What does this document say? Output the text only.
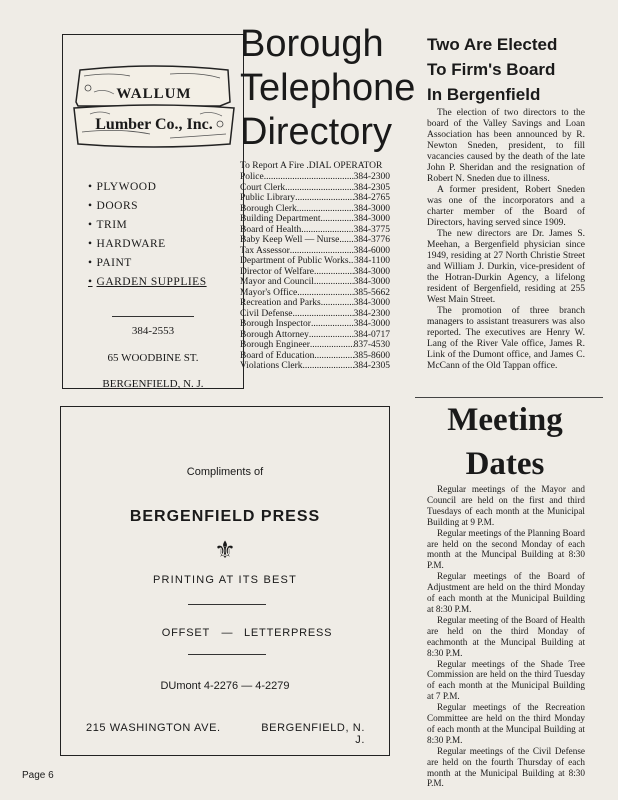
WALLUM
Lumber Co., Inc.
• PLYWOOD
• DOORS
• TRIM
• HARDWARE
• PAINT
• GARDEN SUPPLIES
384-2553
65 WOODBINE ST.
BERGENFIELD, N. J.
Borough
Telephone
Directory
To Report A Fire .DIAL OPERATOR
Police .....	384-2300
Court Clerk .....	384-2305
Public Library .....	384-2765
Borough Clerk .....	384-3000
Building Department .....	384-3000
Board of Health .....	384-3775
Baby Keep Well — Nurse ..... 384-3776
Tax Assessor .....	384-6000
Department of Public Works ..... 384-1100
Director of Welfare .....	384-3000
Mayor and Council .....	384-3000
Mayor's Office .....	385-5662
Recreation and Parks .....	384-3000
Civil Defense .....	384-2300
Borough Inspector .....	384-3000
Borough Attorney .....	384-0717
Borough Engineer .....	837-4530
Board of Education .....	385-8600
Violations Clerk .....	384-2305
Two Are Elected
To Firm's Board
In Bergenfield

The election of two directors to the board of the Valley Savings and Loan Association has been announced by R. Newton Sneden, president, to fill vacancies caused by the death of the late John P. Sheridan and the resignation of Robert N. Sneden due to illness.

A former president, Robert Sneden was one of the incorporators and a charter member of the Board of Directors, having served since 1909.

The new directors are Dr. James S. Meehan, a Bergenfield physician since 1949, residing at 27 North Christie Street and William J. Durkin, vice-president of the Hotran-Durkin Agency, a lifelong resident of Bergenfield, residing at 255 West Main Street.

The promotion of three branch managers to assistant treasurers was also reported. The executives are Henry W. Lang of the River Vale office, James R. Link of the Dumont office, and James C. McCann of the Old Tappan office.

Meeting
Dates

Regular meetings of the Mayor and Council are held on the first and third Tuesdays of each month at the Municipal Building at 9 P.M.

Regular meetings of the Planning Board are held on the second Monday of each month at the Muncipal Building at 8:30 P.M.

Regular meetings of the Board of Adjustment are held on the third Monday of each month at the Municipal Building at 8:30 P.M.

Regular meeting of the Board of Health are held on the third Monday of eachmonth at the Muncipal Building at 8:30 P.M.

Regular meetings of the Shade Tree Commission are held on the third Tuesday of each month at the Municipal Building at 7 P.M.

Regular meetings of the Recreation Committee are held on the third Monday of each month at the Muncipal Building at 8:30 P.M.

Regular meetings of the Civil Defense are held on the fourth Thursday of each month at the Municipal Building at 8:30 P.M.

Compliments of
BERGENFIELD PRESS
⚜
PRINTING AT ITS BEST
OFFSET	—	LETTERPRESS
DUmont 4-2276 — 4-2279
215 WASHINGTON AVE.	BERGENFIELD, N. J.
Page 6
